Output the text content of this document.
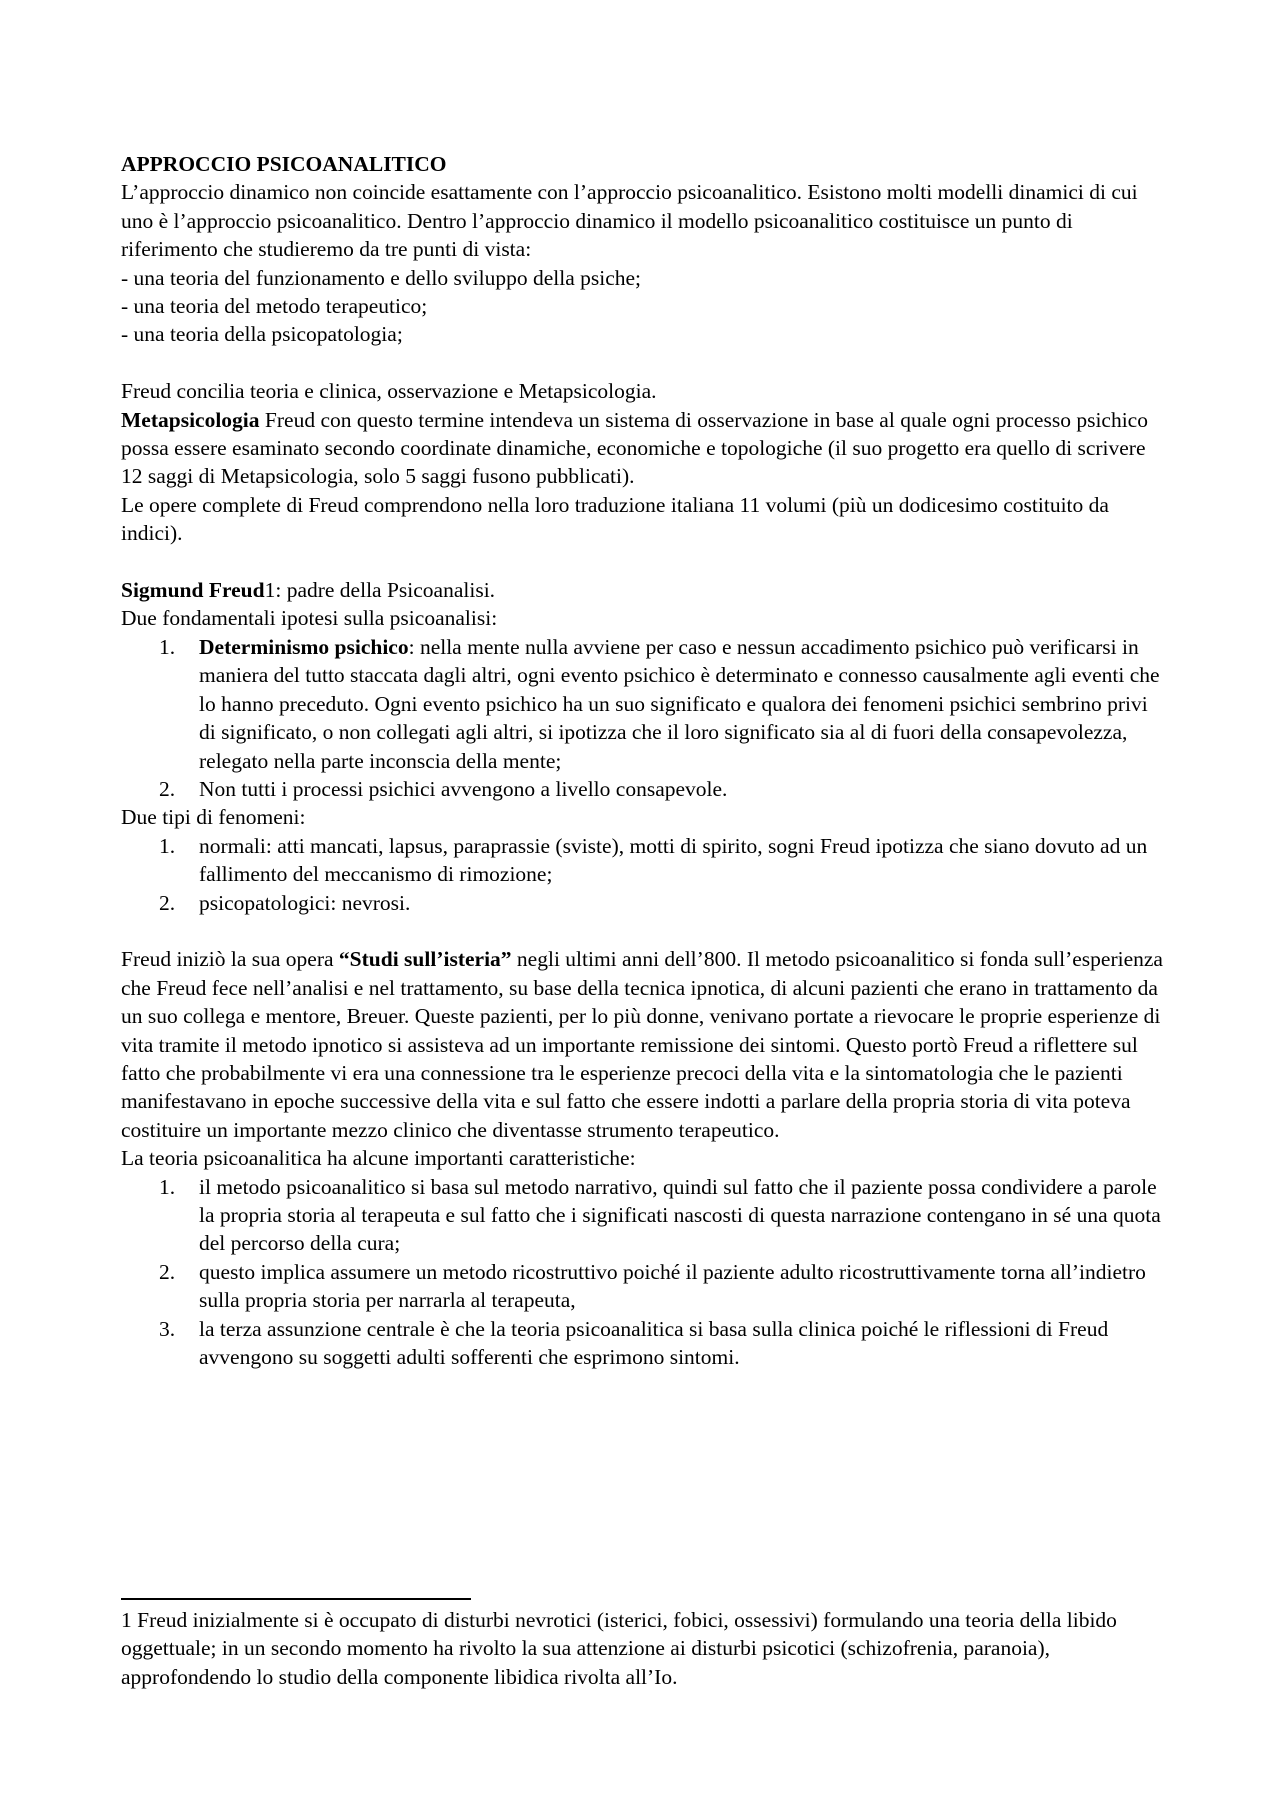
APPROCCIO PSICOANALITICO

L’approccio dinamico non coincide esattamente con l’approccio psicoanalitico. Esistono molti modelli dinamici di cui uno è l’approccio psicoanalitico. Dentro l’approccio dinamico il modello psicoanalitico costituisce un punto di riferimento che studieremo da tre punti di vista:

- una teoria del funzionamento e dello sviluppo della psiche;

- una teoria del metodo terapeutico;

- una teoria della psicopatologia;

Freud concilia teoria e clinica, osservazione e Metapsicologia.

Metapsicologia Freud con questo termine intendeva un sistema di osservazione in base al quale ogni processo psichico possa essere esaminato secondo coordinate dinamiche, economiche e topologiche (il suo progetto era quello di scrivere 12 saggi di Metapsicologia, solo 5 saggi fusono pubblicati).

Le opere complete di Freud comprendono nella loro traduzione italiana 11 volumi (più un dodicesimo costituito da indici).

Sigmund Freud1: padre della Psicoanalisi.

Due fondamentali ipotesi sulla psicoanalisi:

1. Determinismo psichico: nella mente nulla avviene per caso e nessun accadimento psichico può verificarsi in maniera del tutto staccata dagli altri, ogni evento psichico è determinato e connesso causalmente agli eventi che lo hanno preceduto. Ogni evento psichico ha un suo significato e qualora dei fenomeni psichici sembrino privi di significato, o non collegati agli altri, si ipotizza che il loro significato sia al di fuori della consapevolezza, relegato nella parte inconscia della mente;
2. Non tutti i processi psichici avvengono a livello consapevole.

Due tipi di fenomeni:

1. normali: atti mancati, lapsus, paraprassie (sviste), motti di spirito, sogni Freud ipotizza che siano dovuto ad un fallimento del meccanismo di rimozione;
2. psicopatologici: nevrosi.

Freud iniziò la sua opera “Studi sull’isteria” negli ultimi anni dell’800. Il metodo psicoanalitico si fonda sull’esperienza che Freud fece nell’analisi e nel trattamento, su base della tecnica ipnotica, di alcuni pazienti che erano in trattamento da un suo collega e mentore, Breuer. Queste pazienti, per lo più donne, venivano portate a rievocare le proprie esperienze di vita tramite il metodo ipnotico si assisteva ad un importante remissione dei sintomi. Questo portò Freud a riflettere sul fatto che probabilmente vi era una connessione tra le esperienze precoci della vita e la sintomatologia che le pazienti manifestavano in epoche successive della vita e sul fatto che essere indotti a parlare della propria storia di vita poteva costituire un importante mezzo clinico che diventasse strumento terapeutico.

La teoria psicoanalitica ha alcune importanti caratteristiche:

1. il metodo psicoanalitico si basa sul metodo narrativo, quindi sul fatto che il paziente possa condividere a parole la propria storia al terapeuta e sul fatto che i significati nascosti di questa narrazione contengano in sé una quota del percorso della cura;
2. questo implica assumere un metodo ricostruttivo poiché il paziente adulto ricostruttivamente torna all’indietro sulla propria storia per narrarla al terapeuta,
3. la terza assunzione centrale è che la teoria psicoanalitica si basa sulla clinica poiché le riflessioni di Freud avvengono su soggetti adulti sofferenti che esprimono sintomi.

1 Freud inizialmente si è occupato di disturbi nevrotici (isterici, fobici, ossessivi) formulando una teoria della libido oggettuale; in un secondo momento ha rivolto la sua attenzione ai disturbi psicotici (schizofrenia, paranoia), approfondendo lo studio della componente libidica rivolta all’Io.
